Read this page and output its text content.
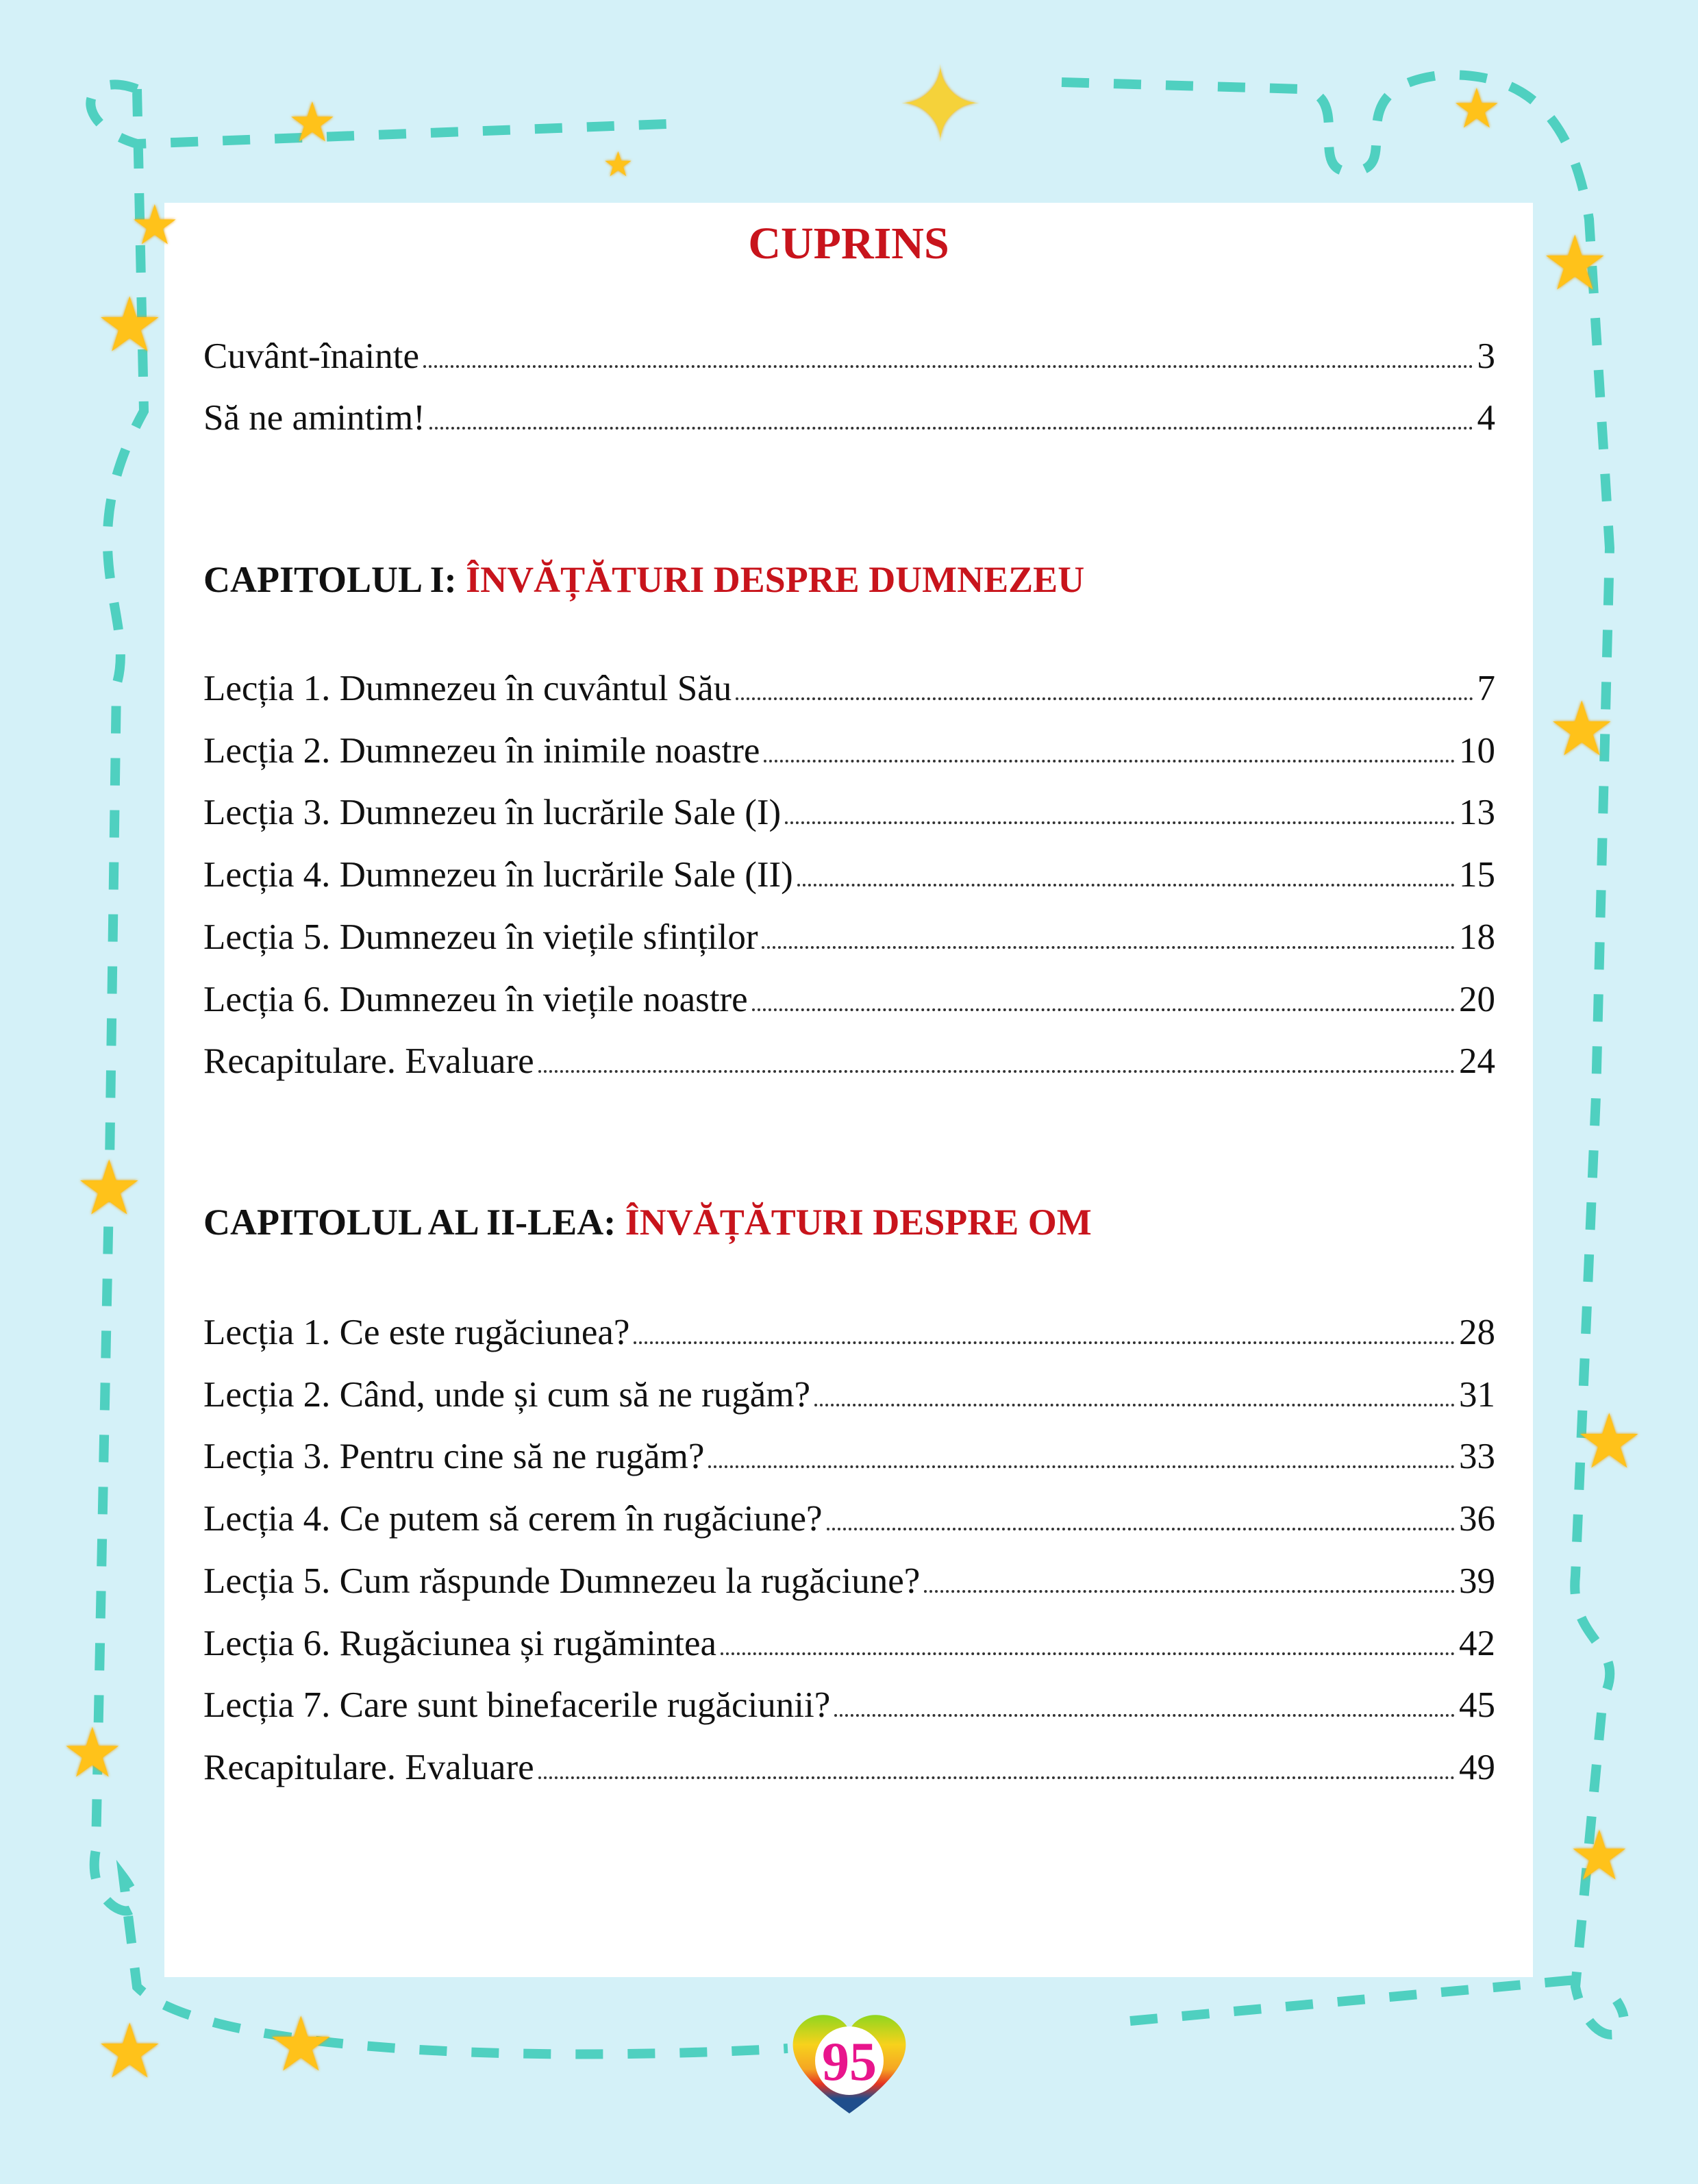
★
★
★
★
★
★
★
★
★
★
★
★ ★
✦
CUPRINS
Cuvânt-înainte	3
Să ne amintim!	4
CAPITOLUL I: ÎNVĂȚĂTURI DESPRE DUMNEZEU
Lecția 1. Dumnezeu în cuvântul Său	7
Lecția 2. Dumnezeu în inimile noastre	10
Lecția 3. Dumnezeu în lucrările Sale (I)	13
Lecția 4. Dumnezeu în lucrările Sale (II)	15
Lecția 5. Dumnezeu în viețile sfinților	18
Lecția 6. Dumnezeu în viețile noastre	20
Recapitulare. Evaluare	24
CAPITOLUL AL II-LEA: ÎNVĂȚĂTURI DESPRE OM
Lecția 1. Ce este rugăciunea?	28
Lecția 2. Când, unde și cum să ne rugăm?	31
Lecția 3. Pentru cine să ne rugăm?	33
Lecția 4. Ce putem să cerem în rugăciune?	36
Lecția 5. Cum răspunde Dumnezeu la rugăciune?	39
Lecția 6. Rugăciunea și rugămintea	42
Lecția 7. Care sunt binefacerile rugăciunii?	45
Recapitulare. Evaluare	49
95
